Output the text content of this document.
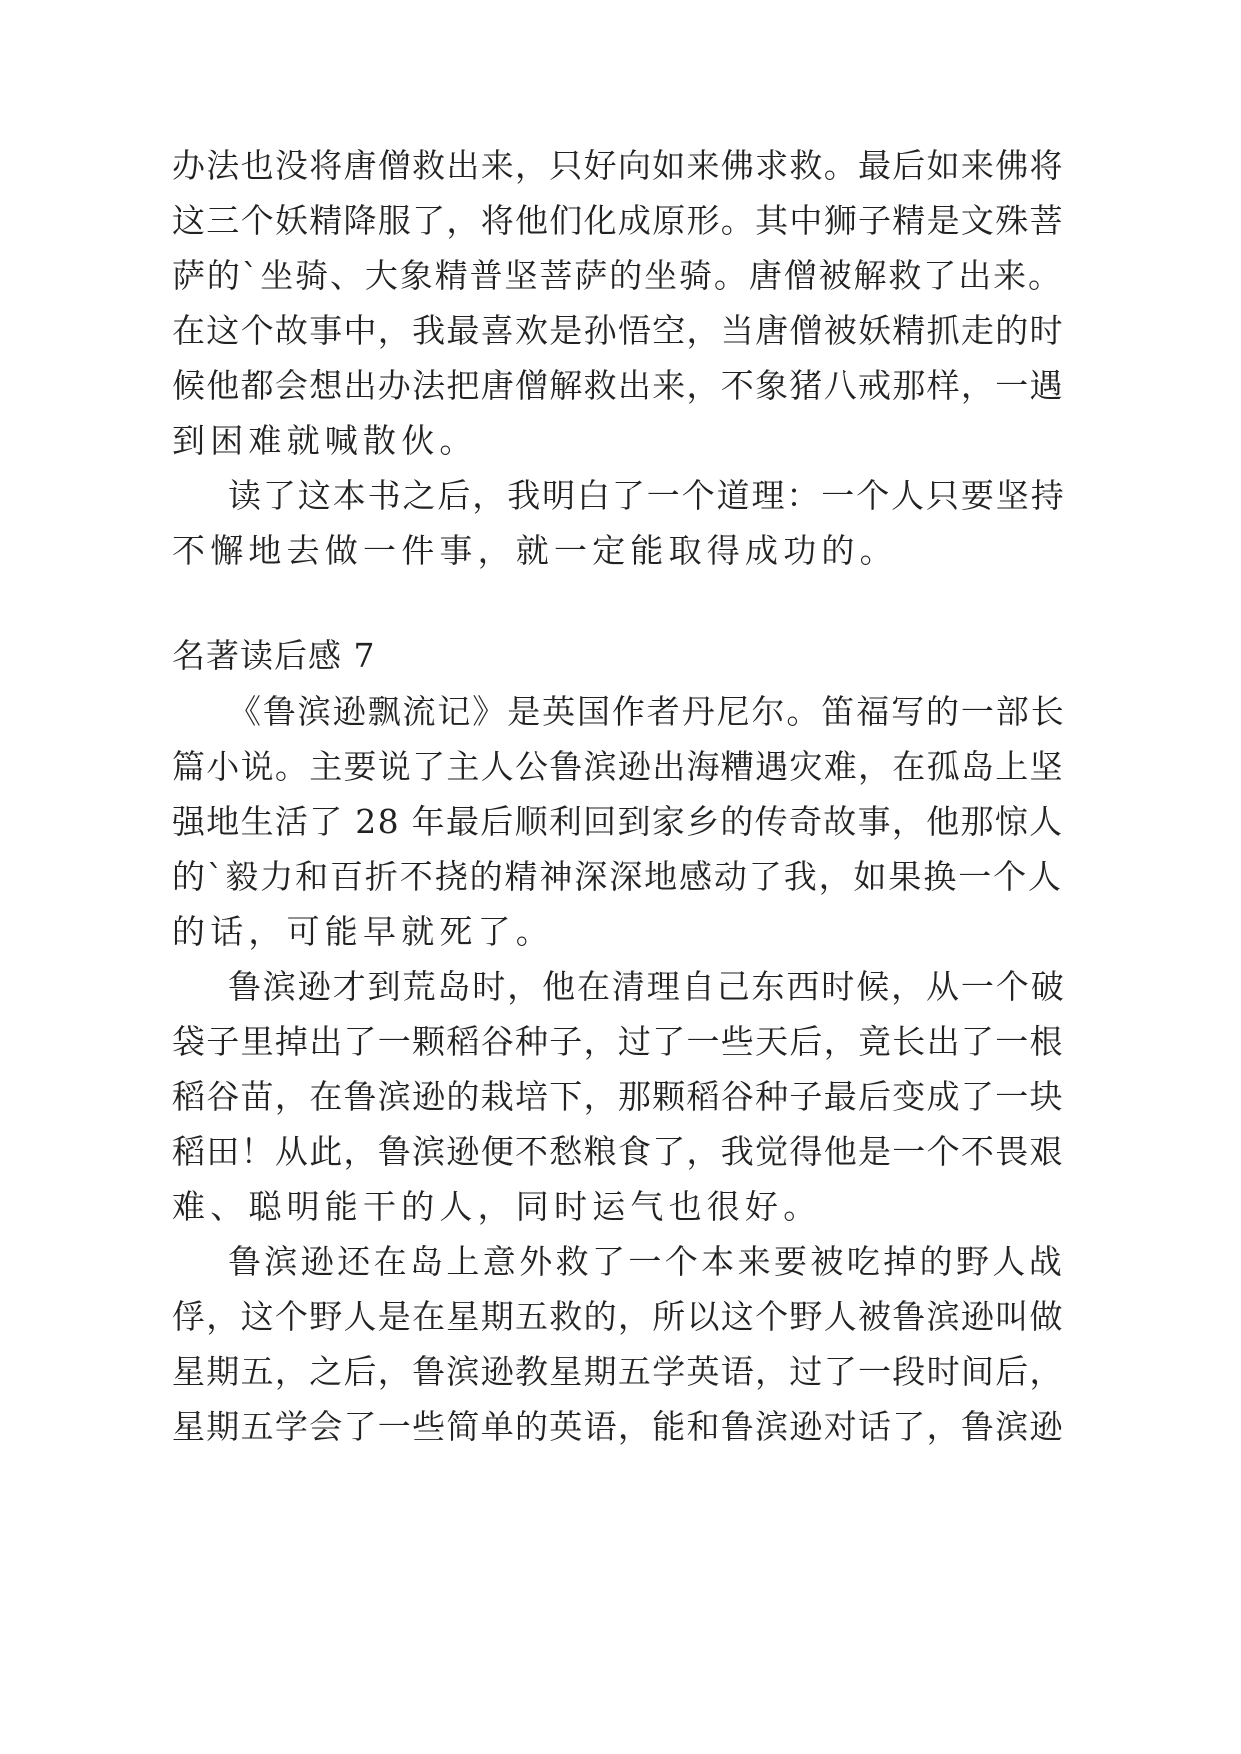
办法也没将唐僧救出来，只好向如来佛求救。最后如来佛将
这三个妖精降服了，将他们化成原形。其中狮子精是文殊菩
萨的`坐骑、大象精普坚菩萨的坐骑。唐僧被解救了出来。
在这个故事中，我最喜欢是孙悟空，当唐僧被妖精抓走的时
候他都会想出办法把唐僧解救出来，不象猪八戒那样，一遇
到困难就喊散伙。
读了这本书之后，我明白了一个道理：一个人只要坚持
不懈地去做一件事，就一定能取得成功的。
名著读后感 7
《鲁滨逊飘流记》是英国作者丹尼尔。笛福写的一部长
篇小说。主要说了主人公鲁滨逊出海糟遇灾难，在孤岛上坚
强地生活了 28 年最后顺利回到家乡的传奇故事，他那惊人
的`毅力和百折不挠的精神深深地感动了我，如果换一个人
的话，可能早就死了。
鲁滨逊才到荒岛时，他在清理自己东西时候，从一个破
袋子里掉出了一颗稻谷种子，过了一些天后，竟长出了一根
稻谷苗，在鲁滨逊的栽培下，那颗稻谷种子最后变成了一块
稻田！从此，鲁滨逊便不愁粮食了，我觉得他是一个不畏艰
难、聪明能干的人，同时运气也很好。
鲁滨逊还在岛上意外救了一个本来要被吃掉的野人战
俘，这个野人是在星期五救的，所以这个野人被鲁滨逊叫做
星期五，之后，鲁滨逊教星期五学英语，过了一段时间后，
星期五学会了一些简单的英语，能和鲁滨逊对话了，鲁滨逊
